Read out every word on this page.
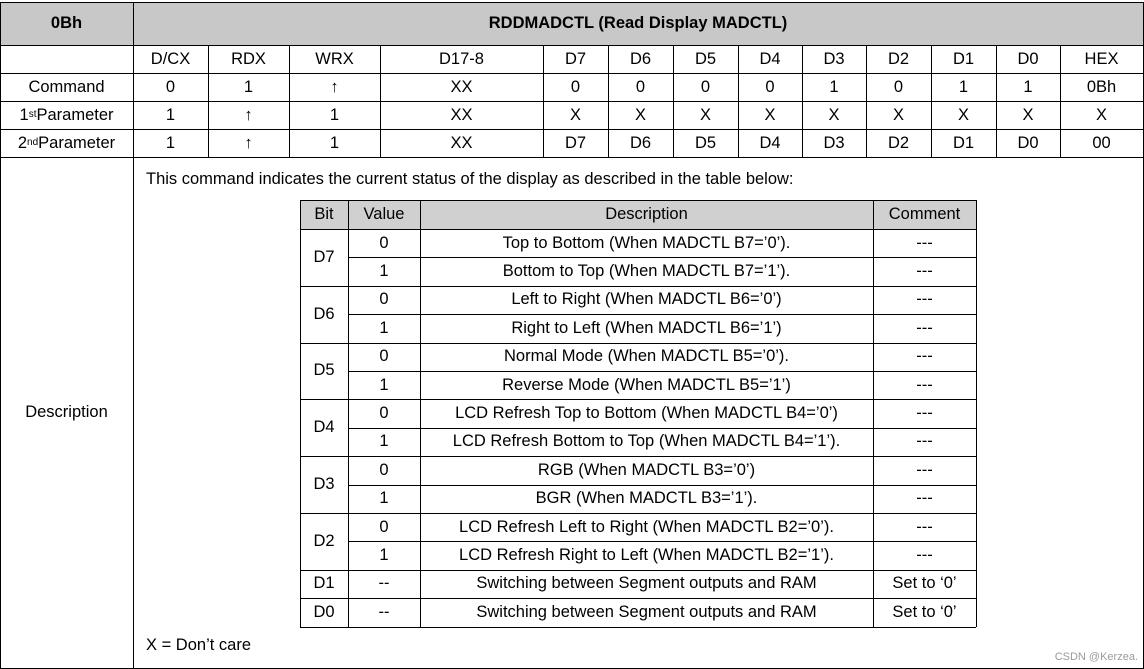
0Bh	RDDMADCTL (Read Display MADCTL)
D/CX	RDX	WRX	D17-8	D7	D6	D5	D4	D3	D2	D1	D0	HEX
Command	0	1	↑	XX	0	0	0	0	1	0	1	1	0Bh
1 st Parameter	1	↑	1	XX	X	X	X	X	X	X	X	X	X
2 nd Parameter	1	↑	1	XX	D7	D6	D5	D4	D3	D2	D1	D0	00
Description
This command indicates the current status of the display as described in the table below:
X = Don’t care
Bit	Value	Description	Comment
D7
0	Top to Bottom (When MADCTL B7=’0’).	---
1	Bottom to Top (When MADCTL B7=’1’).	---
D6
0	Left to Right (When MADCTL B6=’0’)	---
1	Right to Left (When MADCTL B6=’1’)	---
D5
0	Normal Mode (When MADCTL B5=’0’).	---
1	Reverse Mode (When MADCTL B5=’1’)	---
D4
0	LCD Refresh Top to Bottom (When MADCTL B4=’0’)	---
1	LCD Refresh Bottom to Top (When MADCTL B4=’1’).	---
D3
0	RGB (When MADCTL B3=’0’)	---
1	BGR (When MADCTL B3=’1’).	---
D2
0	LCD Refresh Left to Right (When MADCTL B2=’0’).	---
1	LCD Refresh Right to Left (When MADCTL B2=’1’).	---
D1	--	Switching between Segment outputs and RAM	Set to ‘0’
D0	--	Switching between Segment outputs and RAM	Set to ‘0’
CSDN @Kerzea.
